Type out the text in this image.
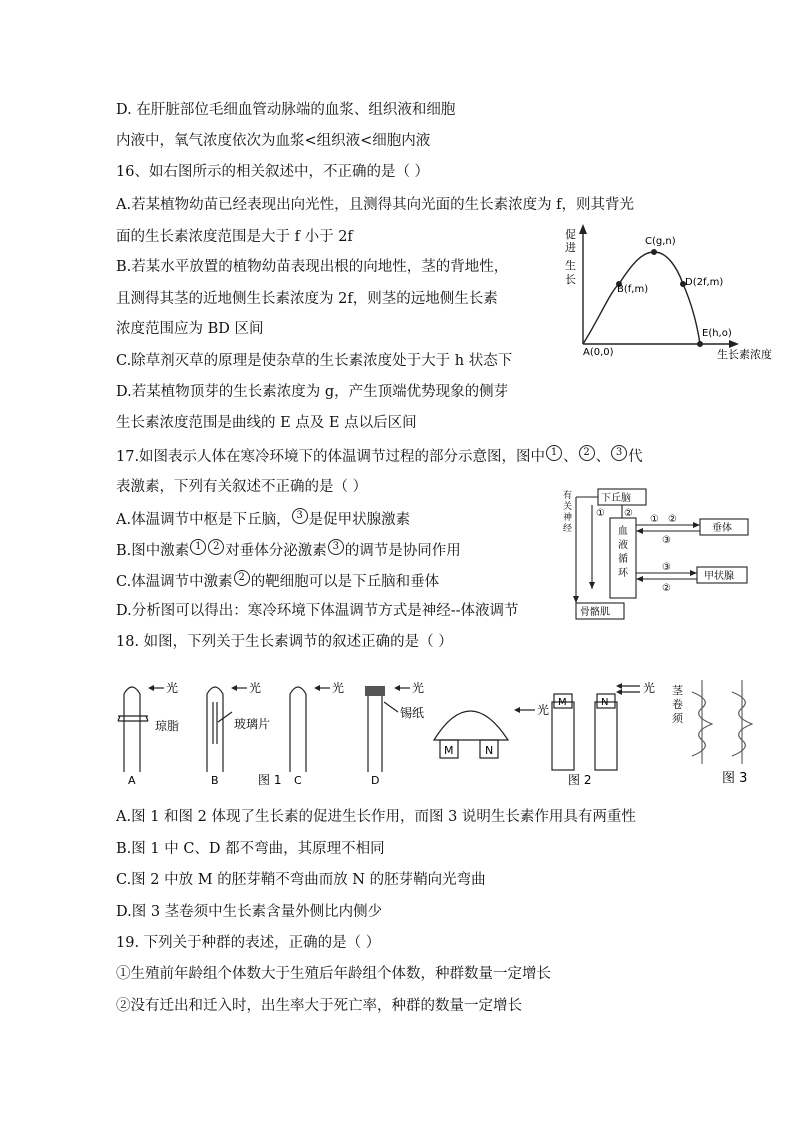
D. 在肝脏部位毛细血管动脉端的血浆、组织液和细胞
内液中，氧气浓度依次为血浆<组织液<细胞内液
16、如右图所示的相关叙述中，不正确的是（ ）
A.若某植物幼苗已经表现出向光性，且测得其向光面的生长素浓度为 f，则其背光
面的生长素浓度范围是大于 f 小于 2f
B.若某水平放置的植物幼苗表现出根的向地性，茎的背地性，
且测得其茎的近地侧生长素浓度为 2f，则茎的远地侧生长素
浓度范围应为 BD 区间
C.除草剂灭草的原理是使杂草的生长素浓度处于大于 h 状态下
D.若某植物顶芽的生长素浓度为 g，产生顶端优势现象的侧芽
生长素浓度范围是曲线的 E 点及 E 点以后区间
17.如图表示人体在寒冷环境下的体温调节过程的部分示意图，图中 1 、 2 、 3 代
表激素，下列有关叙述不正确的是（ ）
A.体温调节中枢是下丘脑， 3 是促甲状腺激素
B.图中激素 1 2 对垂体分泌激素 3 的调节是协同作用
C.体温调节中激素 2 的靶细胞可以是下丘脑和垂体
D.分析图可以得出：寒冷环境下体温调节方式是神经--体液调节
18. 如图，下列关于生长素调节的叙述正确的是（ ）
A.图 1 和图 2 体现了生长素的促进生长作用，而图 3 说明生长素作用具有两重性
B.图 1 中 C、D 都不弯曲，其原理不相同
C.图 2 中放 M 的胚芽鞘不弯曲而放 N 的胚芽鞘向光弯曲
D.图 3 茎卷须中生长素含量外侧比内侧少
19. 下列关于种群的表述，正确的是（ ）
①生殖前年龄组个体数大于生殖后年龄组个体数，种群数量一定增长
②没有迁出和迁入时，出生率大于死亡率，种群的数量一定增长
促
进
生
长
生长素浓度
A(0,0)
B(f,m)
C(g,n)
D(2f,m)
E(h,o)
下丘脑
有
关
神
经	血
液
循
环
垂体
甲状腺
骨骼肌
① ②
① ②
③
③
②
光	光	光	光
光
光
琼脂	玻璃片
锡纸
A	B	C	D
图 1	图 2	图 3
M	N
M	N
茎
卷
须
